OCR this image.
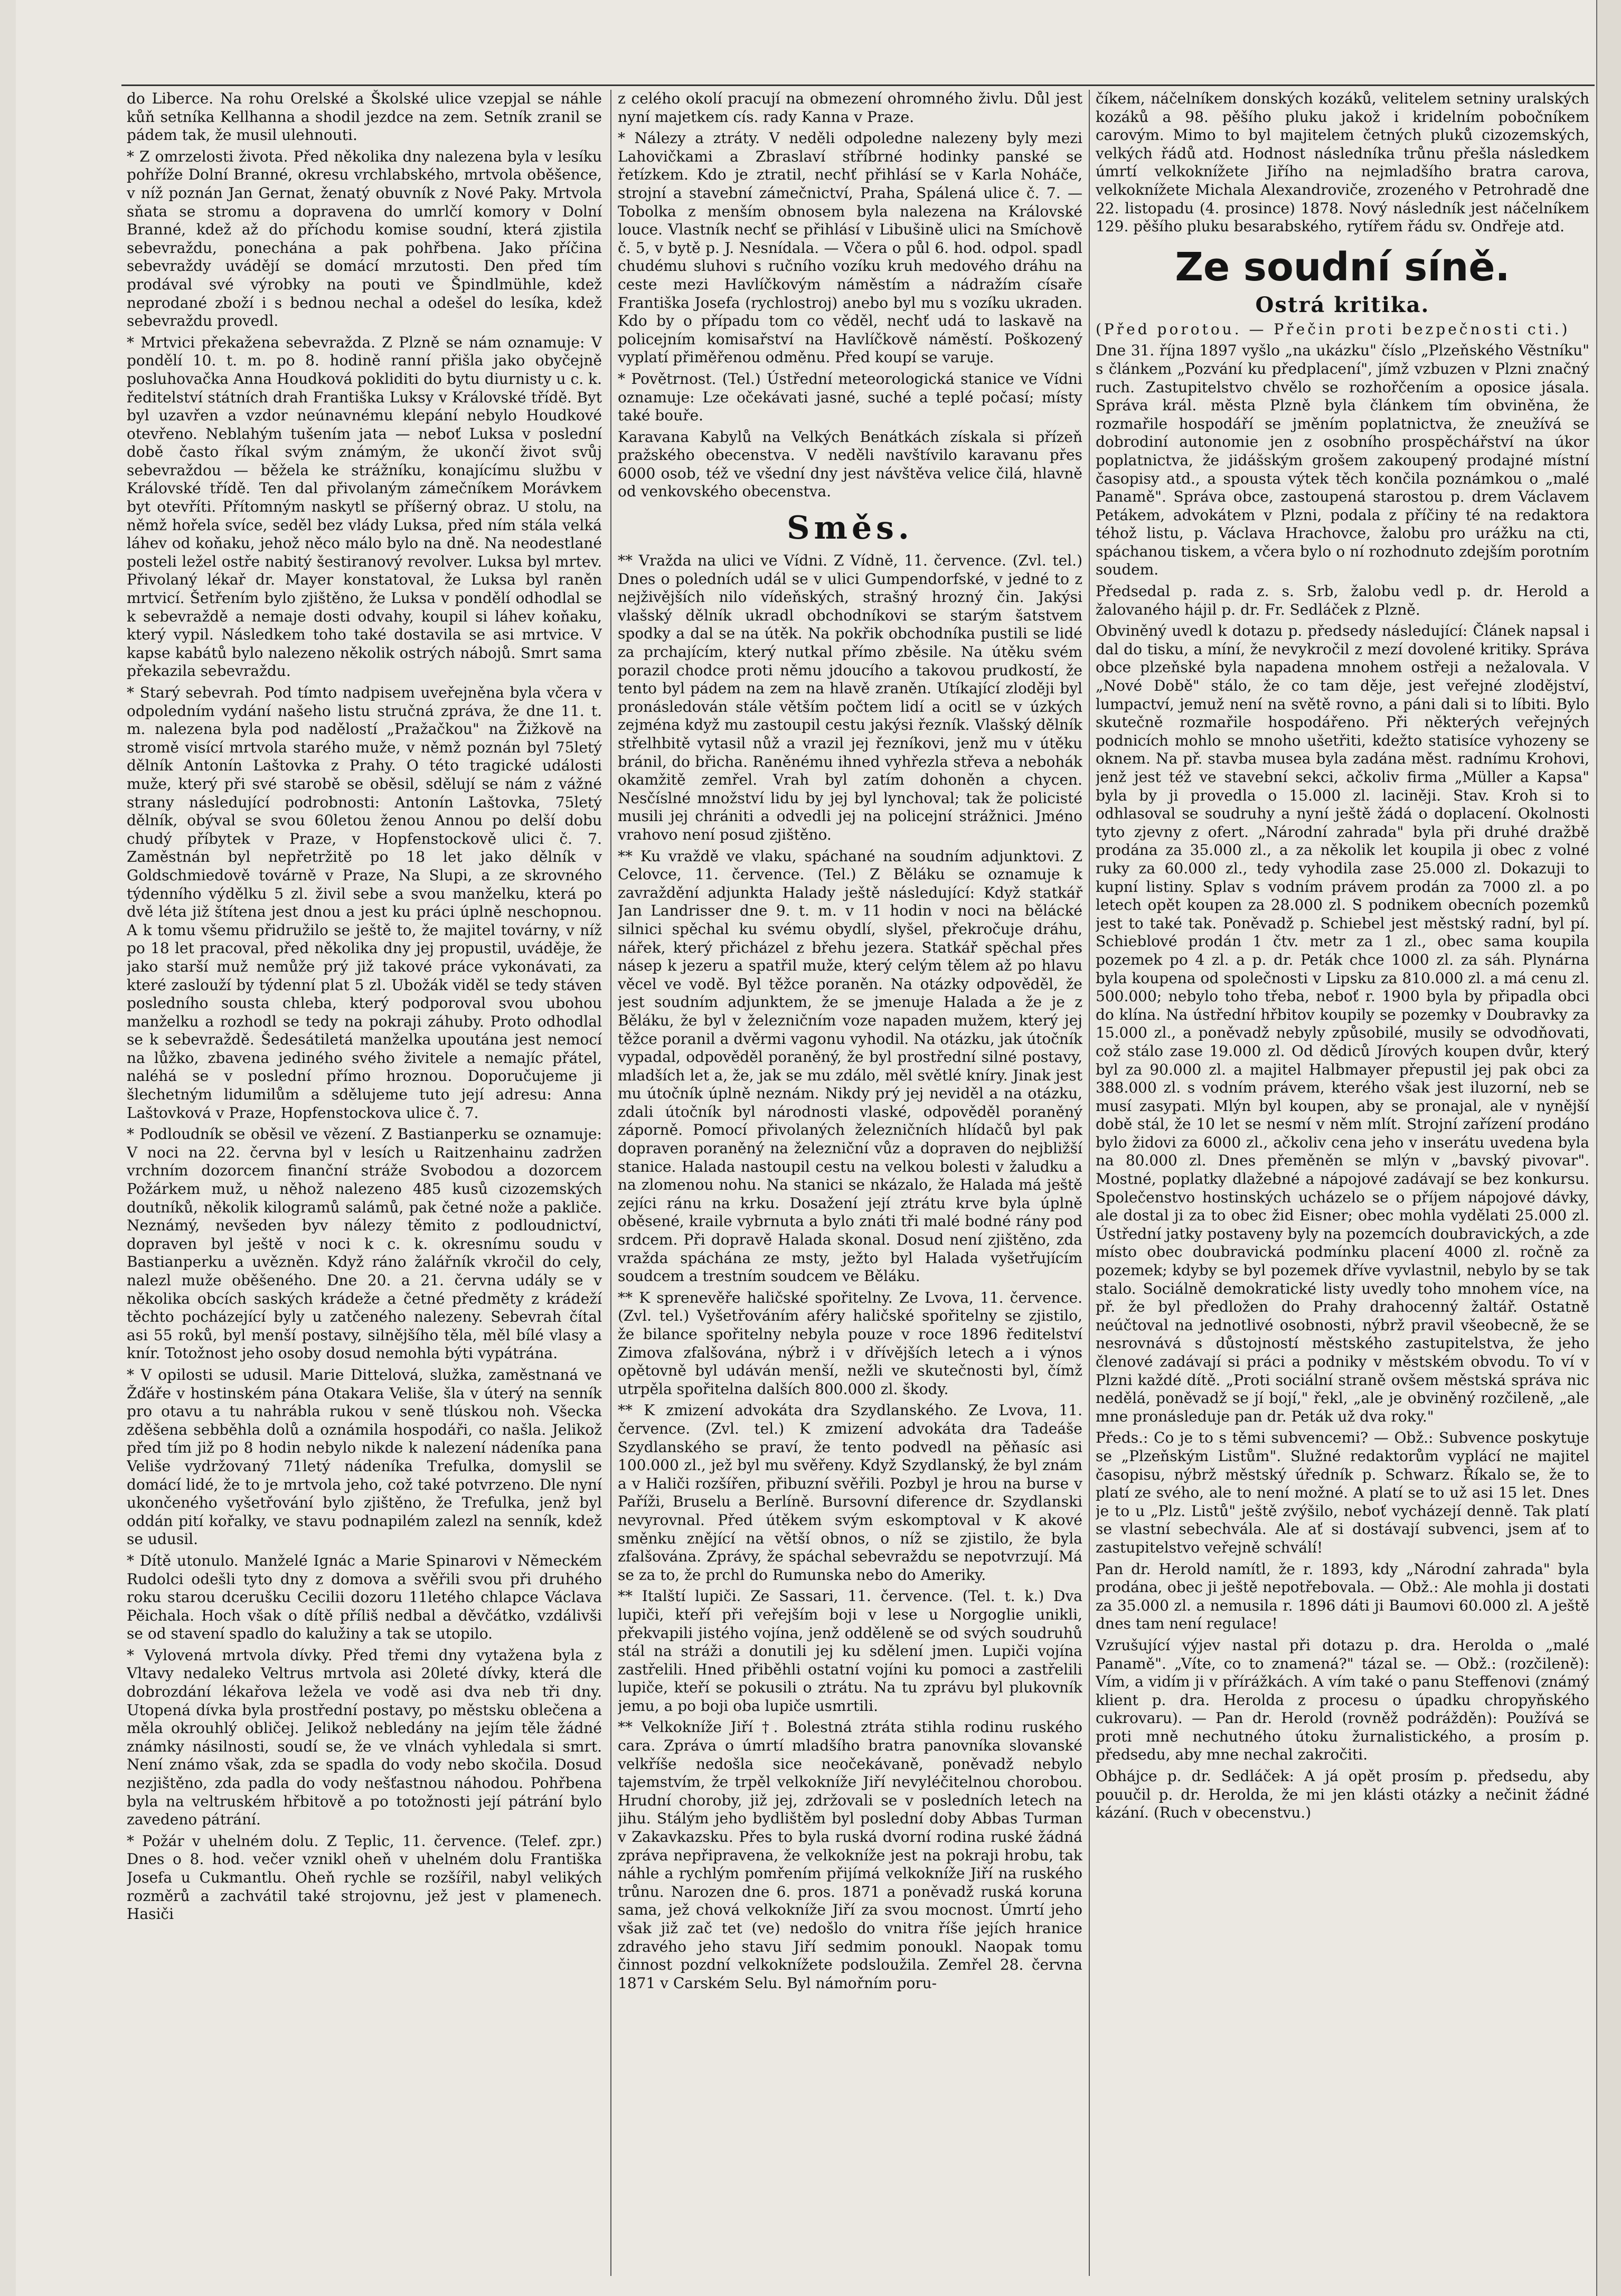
do Liberce. Na rohu Orelské a Školské ulice vzepjal se náhle kůň setníka Kellhanna a shodil jezdce na zem. Setník zranil se pádem tak, že musil ulehnouti.

* Z omrzelosti života. Před několika dny nalezena byla v lesíku pohříže Dolní Branné, okresu vrchlabského, mrtvola oběšence, v níž poznán Jan Gernat, ženatý obuvník z Nové Paky. Mrtvola sňata se stromu a dopravena do umrlčí komory v Dolní Branné, kdež až do příchodu komise soudní, která zjistila sebevraždu, ponechána a pak pohřbena. Jako příčina sebevraždy uvádějí se domácí mrzutosti. Den před tím prodával své výrobky na pouti ve Špindlmühle, kdež neprodané zboží i s bednou nechal a odešel do lesíka, kdež sebevraždu provedl.

* Mrtvici překažena sebevražda. Z Plzně se nám oznamuje: V pondělí 10. t. m. po 8. hodině ranní přišla jako obyčejně posluhovačka Anna Houdková pokliditi do bytu diurnisty u c. k. ředitelství státních drah Františka Luksy v Královské třídě. Byt byl uzavřen a vzdor neúnavnému klepání nebylo Houdkové otevřeno. Neblahým tušením jata — neboť Luksa v poslední době často říkal svým známým, že ukončí život svůj sebevraždou — běžela ke strážníku, konajícímu službu v Královské třídě. Ten dal přivolaným zámečníkem Morávkem byt otevříti. Přítomným naskytl se příšerný obraz. U stolu, na němž hořela svíce, seděl bez vlády Luksa, před ním stála velká láhev od koňaku, jehož něco málo bylo na dně. Na neodestlané posteli ležel ostře nabitý šestiranový revolver. Luksa byl mrtev. Přivolaný lékař dr. Mayer konstatoval, že Luksa byl raněn mrtvicí. Šetřením bylo zjištěno, že Luksa v pondělí odhodlal se k sebevraždě a nemaje dosti odvahy, koupil si láhev koňaku, který vypil. Následkem toho také dostavila se asi mrtvice. V kapse kabátů bylo nalezeno několik ostrých nábojů. Smrt sama překazila sebevraždu.

* Starý sebevrah. Pod tímto nadpisem uveřejněna byla včera v odpoledním vydání našeho listu stručná zpráva, že dne 11. t. m. nalezena byla pod nadělostí „Pražačkou" na Žižkově na stromě visící mrtvola starého muže, v němž poznán byl 75letý dělník Antonín Laštovka z Prahy. O této tragické události muže, který při své starobě se oběsil, sdělují se nám z vážné strany následující podrobnosti: Antonín Laštovka, 75letý dělník, obýval se svou 60letou ženou Annou po delší dobu chudý příbytek v Praze, v Hopfenstockově ulici č. 7. Zaměstnán byl nepřetržitě po 18 let jako dělník v Goldschmiedově továrně v Praze, Na Slupi, a ze skrovného týdenního výdělku 5 zl. živil sebe a svou manželku, která po dvě léta již štítena jest dnou a jest ku práci úplně neschopnou. A k tomu všemu přidružilo se ještě to, že majitel továrny, v níž po 18 let pracoval, před několika dny jej propustil, uváděje, že jako starší muž nemůže prý již takové práce vykonávati, za které zaslouží by týdenní plat 5 zl. Ubožák viděl se tedy stáven posledního sousta chleba, který podporoval svou ubohou manželku a rozhodl se tedy na pokraji záhuby. Proto odhodlal se k sebevraždě. Šedesátiletá manželka upoutána jest nemocí na lůžko, zbavena jediného svého živitele a nemajíc přátel, naléhá se v poslední přímo hroznou. Doporučujeme ji šlechetným lidumilům a sdělujeme tuto její adresu: Anna Laštovková v Praze, Hopfenstockova ulice č. 7.

* Podloudník se oběsil ve vězení. Z Bastianperku se oznamuje: V noci na 22. června byl v lesích u Raitzenhainu zadržen vrchním dozorcem finanční stráže Svobodou a dozorcem Požárkem muž, u něhož nalezeno 485 kusů cizozemských doutníků, několik kilogramů salámů, pak četné nože a pakliče. Neznámý, nevšeden byv nálezy těmito z podloudnictví, dopraven byl ještě v noci k c. k. okresnímu soudu v Bastianperku a uvězněn. Když ráno žalářník vkročil do cely, nalezl muže oběšeného. Dne 20. a 21. června udály se v několika obcích saských krádeže a četné předměty z krádeží těchto pocházející byly u zatčeného nalezeny. Sebevrah čítal asi 55 roků, byl menší postavy, silnějšího těla, měl bílé vlasy a knír. Totožnost jeho osoby dosud nemohla býti vypátrána.

* V opilosti se udusil. Marie Dittelová, služka, zaměstnaná ve Žďáře v hostinském pána Otakara Veliše, šla v úterý na senník pro otavu a tu nahrábla rukou v seně tlúskou noh. Všecka zděšena sebběhla dolů a oznámila hospodáři, co našla. Jelikož před tím již po 8 hodin nebylo nikde k nalezení nádeníka pana Veliše vydržovaný 71letý nádeníka Trefulka, domyslil se domácí lidé, že to je mrtvola jeho, což také potvrzeno. Dle nyní ukončeného vyšetřování bylo zjištěno, že Trefulka, jenž byl oddán pití kořalky, ve stavu podnapilém zalezl na senník, kdež se udusil.

* Dítě utonulo. Manželé Ignác a Marie Spinarovi v Německém Rudolci odešli tyto dny z domova a svěřili svou při druhého roku starou dcerušku Cecilii dozoru 11letého chlapce Václava Pěichala. Hoch však o dítě příliš nedbal a děvčátko, vzdálivši se od stavení spadlo do kalužiny a tak se utopilo.

* Vylovená mrtvola dívky. Před třemi dny vytažena byla z Vltavy nedaleko Veltrus mrtvola asi 20leté dívky, která dle dobrozdání lékařova ležela ve vodě asi dva neb tři dny. Utopená dívka byla prostřední postavy, po městsku oblečena a měla okrouhlý obličej. Jelikož nebledány na jejím těle žádné známky násilnosti, soudí se, že ve vlnách vyhledala si smrt. Není známo však, zda se spadla do vody nebo skočila. Dosud nezjištěno, zda padla do vody nešťastnou náhodou. Pohřbena byla na veltruském hřbitově a po totožnosti její pátrání bylo zavedeno pátrání.

* Požár v uhelném dolu. Z Teplic, 11. července. (Telef. zpr.) Dnes o 8. hod. večer vznikl oheň v uhelném dolu Františka Josefa u Cukmantlu. Oheň rychle se rozšířil, nabyl velikých rozměrů a zachvátil také strojovnu, jež jest v plamenech. Hasiči

z celého okolí pracují na obmezení ohromného živlu. Důl jest nyní majetkem cís. rady Kanna v Praze.

* Nálezy a ztráty. V neděli odpoledne nalezeny byly mezi Lahovičkami a Zbraslaví stříbrné hodinky panské se řetízkem. Kdo je ztratil, nechť přihlásí se v Karla Noháče, strojní a stavební zámečnictví, Praha, Spálená ulice č. 7. — Tobolka z menším obnosem byla nalezena na Královské louce. Vlastník nechť se přihlásí v Libušině ulici na Smíchově č. 5, v bytě p. J. Nesnídala. — Včera o půl 6. hod. odpol. spadl chudému sluhovi s ručního vozíku kruh medového dráhu na ceste mezi Havlíčkovým náměstím a nádražím císaře Františka Josefa (rychlostroj) anebo byl mu s vozíku ukraden. Kdo by o případu tom co věděl, nechť udá to laskavě na policejním komisařství na Havlíčkově náměstí. Poškozený vyplatí přiměřenou odměnu. Před koupí se varuje.

* Povětrnost. (Tel.) Ústřední meteorologická stanice ve Vídni oznamuje: Lze očekávati jasné, suché a teplé počasí; místy také bouře.

Karavana Kabylů na Velkých Benátkách získala si přízeň pražského obecenstva. V neděli navštívilo karavanu přes 6000 osob, též ve všední dny jest návštěva velice čilá, hlavně od venkovského obecenstva.

Směs.

** Vražda na ulici ve Vídni. Z Vídně, 11. července. (Zvl. tel.) Dnes o poledních udál se v ulici Gumpendorfské, v jedné to z nejživějších nilo vídeňských, strašný hrozný čin. Jakýsi vlašský dělník ukradl obchodníkovi se starým šatstvem spodky a dal se na útěk. Na pokřik obchodníka pustili se lidé za prchajícím, který nutkal přímo zběsile. Na útěku svém porazil chodce proti němu jdoucího a takovou prudkostí, že tento byl pádem na zem na hlavě zraněn. Utíkající zloději byl pronásledován stále větším počtem lidí a ocitl se v úzkých zejména když mu zastoupil cestu jakýsi řezník. Vlašský dělník střelhbitě vytasil nůž a vrazil jej řezníkovi, jenž mu v útěku bránil, do břicha. Raněnému ihned vyhřezla střeva a nebohák okamžitě zemřel. Vrah byl zatím dohoněn a chycen. Nesčíslné množství lidu by jej byl lynchoval; tak že policisté musili jej chrániti a odvedli jej na policejní strážnici. Jméno vrahovo není posud zjištěno.

** Ku vraždě ve vlaku, spáchané na soudním adjunktovi. Z Celovce, 11. července. (Tel.) Z Běláku se oznamuje k zavraždění adjunkta Halady ještě následující: Když statkář Jan Landrisser dne 9. t. m. v 11 hodin v noci na bělácké silnici spěchal ku svému obydlí, slyšel, překročuje dráhu, nářek, který přicházel z břehu jezera. Statkář spěchal přes násep k jezeru a spatřil muže, který celým tělem až po hlavu věcel ve vodě. Byl těžce poraněn. Na otázky odpověděl, že jest soudním adjunktem, že se jmenuje Halada a že je z Běláku, že byl v železničním voze napaden mužem, který jej těžce poranil a dvěrmi vagonu vyhodil. Na otázku, jak útočník vypadal, odpověděl poraněný, že byl prostřední silné postavy, mladších let a, že, jak se mu zdálo, měl světlé kníry. Jinak jest mu útočník úplně neznám. Nikdy prý jej neviděl a na otázku, zdali útočník byl národnosti vlaské, odpověděl poraněný záporně. Pomocí přivolaných železničních hlídačů byl pak dopraven poraněný na železniční vůz a dopraven do nejbližší stanice. Halada nastoupil cestu na velkou bolesti v žaludku a na zlomenou nohu. Na stanici se nkázalo, že Halada má ještě zejíci ránu na krku. Dosažení její ztrátu krve byla úplně oběsené, kraile vybrnuta a bylo znáti tři malé bodné rány pod srdcem. Při dopravě Halada skonal. Dosud není zjištěno, zda vražda spáchána ze msty, ježto byl Halada vyšetřujícím soudcem a trestním soudcem ve Běláku.

** K sprenevěře haličské spořitelny. Ze Lvova, 11. července. (Zvl. tel.) Vyšetřováním aféry haličské spořitelny se zjistilo, že bilance spořitelny nebyla pouze v roce 1896 ředitelství Zimova zfalšována, nýbrž i v dřívějších letech a i výnos opětovně byl udáván menší, nežli ve skutečnosti byl, čímž utrpěla spořitelna dalších 800.000 zl. škody.

** K zmizení advokáta dra Szydlanského. Ze Lvova, 11. července. (Zvl. tel.) K zmizení advokáta dra Tadeáše Szydlanského se praví, že tento podvedl na pěňasíc asi 100.000 zl., jež byl mu svěřeny. Když Szydlanský, že byl znám a v Haliči rozšířen, přibuzní svěřili. Pozbyl je hrou na burse v Paříži, Bruselu a Berlíně. Bursovní diference dr. Szydlanski nevyrovnal. Před útěkem svým eskomptoval v K akové směnku znějící na větší obnos, o níž se zjistilo, že byla zfalšována. Zprávy, že spáchal sebevraždu se nepotvrzují. Má se za to, že prchl do Rumunska nebo do Ameriky.

** Italští lupiči. Ze Sassari, 11. července. (Tel. t. k.) Dva lupiči, kteří při veřejším boji v lese u Norgoglie unikli, překvapili jistého vojína, jenž odděleně se od svých soudruhů stál na stráži a donutili jej ku sdělení jmen. Lupiči vojína zastřelili. Hned přiběhli ostatní vojíni ku pomoci a zastřelili lupiče, kteří se pokusili o ztrátu. Na tu zprávu byl plukovník jemu, a po boji oba lupiče usmrtili.

** Velkokníže Jiří †. Bolestná ztráta stihla rodinu ruského cara. Zpráva o úmrtí mladšího bratra panovníka slovanské velkříše nedošla sice neočekávaně, poněvadž nebylo tajemstvím, že trpěl velkokníže Jiří nevyléčitelnou chorobou. Hrudní choroby, již jej, zdržovali se v posledních letech na jihu. Stálým jeho bydlištěm byl poslední doby Abbas Turman v Zakavkazsku. Přes to byla ruská dvorní rodina ruské žádná zpráva nepřipravena, že velkokníže jest na pokraji hrobu, tak náhle a rychlým pomřením přijímá velkokníže Jiří na ruského trůnu. Narozen dne 6. pros. 1871 a poněvadž ruská koruna sama, jež chová velkokníže Jiří za svou mocnost. Úmrtí jeho však již zač tet (ve) nedošlo do vnitra říše jejích hranice zdravého jeho stavu Jiří sedmim ponoukl. Naopak tomu činnost pozdní velkoknížete podsloužila. Zemřel 28. června 1871 v Carském Selu. Byl námořním poru-

číkem, náčelníkem donských kozáků, velitelem setniny uralských kozáků a 98. pěšího pluku jakož i kridelním pobočníkem carovým. Mimo to byl majitelem četných pluků cizozemských, velkých řádů atd. Hodnost následníka trůnu přešla následkem úmrtí velkoknížete Jiřího na nejmladšího bratra carova, velkoknížete Michala Alexandroviče, zrozeného v Petrohradě dne 22. listopadu (4. prosince) 1878. Nový následník jest náčelníkem 129. pěšího pluku besarabského, rytířem řádu sv. Ondřeje atd.

Ze soudní síně.
Ostrá kritika.

(Před porotou. — Přečin proti bezpečnosti cti.)

Dne 31. října 1897 vyšlo „na ukázku" číslo „Plzeňského Věstníku" s článkem „Pozvání ku předplacení", jímž vzbuzen v Plzni značný ruch. Zastupitelstvo chvělo se rozhořčením a oposice jásala. Správa král. města Plzně byla článkem tím obviněna, že rozmařile hospodáří se jměním poplatnictva, že zneužívá se dobrodiní autonomie jen z osobního prospěchářství na úkor poplatnictva, že jidášským grošem zakoupený prodajné místní časopisy atd., a spousta výtek těch končila poznámkou o „malé Panamě". Správa obce, zastoupená starostou p. drem Václavem Petákem, advokátem v Plzni, podala z příčiny té na redaktora téhož listu, p. Václava Hrachovce, žalobu pro urážku na cti, spáchanou tiskem, a včera bylo o ní rozhodnuto zdejším porotním soudem.

Předsedal p. rada z. s. Srb, žalobu vedl p. dr. Herold a žalovaného hájil p. dr. Fr. Sedláček z Plzně.

Obviněný uvedl k dotazu p. předsedy následující: Článek napsal i dal do tisku, a míní, že nevykročil z mezí dovolené kritiky. Správa obce plzeňské byla napadena mnohem ostřeji a nežalovala. V „Nové Době" stálo, že co tam děje, jest veřejné zlodějství, lumpactví, jemuž není na světě rovno, a páni dali si to líbiti. Bylo skutečně rozmařile hospodářeno. Při některých veřejných podnicích mohlo se mnoho ušetřiti, kdežto statisíce vyhozeny se oknem. Na př. stavba musea byla zadána měst. radnímu Krohovi, jenž jest též ve stavební sekci, ačkoliv firma „Müller a Kapsa" byla by ji provedla o 15.000 zl. laciněji. Stav. Kroh si to odhlasoval se soudruhy a nyní ještě žádá o doplacení. Okolnosti tyto zjevny z ofert. „Národní zahrada" byla při druhé dražbě prodána za 35.000 zl., a za několik let koupila ji obec z volné ruky za 60.000 zl., tedy vyhodila zase 25.000 zl. Dokazuji to kupní listiny. Splav s vodním právem prodán za 7000 zl. a po letech opět koupen za 28.000 zl. S podnikem obecních pozemků jest to také tak. Poněvadž p. Schiebel jest městský radní, byl pí. Schieblové prodán 1 čtv. metr za 1 zl., obec sama koupila pozemek po 4 zl. a p. dr. Peták chce 1000 zl. za sáh. Plynárna byla koupena od společnosti v Lipsku za 810.000 zl. a má cenu zl. 500.000; nebylo toho třeba, neboť r. 1900 byla by připadla obci do klína. Na ústřední hřbitov koupily se pozemky v Doubravky za 15.000 zl., a poněvadž nebyly způsobilé, musily se odvodňovati, což stálo zase 19.000 zl. Od dědiců Jírových koupen dvůr, který byl za 90.000 zl. a majitel Halbmayer přepustil jej pak obci za 388.000 zl. s vodním právem, kterého však jest iluzorní, neb se musí zasypati. Mlýn byl koupen, aby se pronajal, ale v nynější době stál, že 10 let se nesmí v něm mlít. Strojní zařízení prodáno bylo židovi za 6000 zl., ačkoliv cena jeho v inserátu uvedena byla na 80.000 zl. Dnes přeměněn se mlýn v „bavský pivovar". Mostné, poplatky dlažebné a nápojové zadávají se bez konkursu. Společenstvo hostinských ucházelo se o příjem nápojové dávky, ale dostal ji za to obec žid Eisner; obec mohla vydělati 25.000 zl. Ústřední jatky postaveny byly na pozemcích doubravických, a zde místo obec doubravická podmínku placení 4000 zl. ročně za pozemek; kdyby se byl pozemek dříve vyvlastnil, nebylo by se tak stalo. Sociálně demokratické listy uvedly toho mnohem více, na př. že byl předložen do Prahy drahocenný žaltář. Ostatně neúčtoval na jednotlivé osobnosti, nýbrž pravil všeobecně, že se nesrovnává s důstojností městského zastupitelstva, že jeho členové zadávají si práci a podniky v městském obvodu. To ví v Plzni každé dítě. „Proti sociální straně ovšem městská správa nic nedělá, poněvadž se jí bojí," řekl, „ale je obviněný rozčileně, „ale mne pronásleduje pan dr. Peták už dva roky."

Předs.: Co je to s těmi subvencemi? — Obž.: Subvence poskytuje se „Plzeňským Listům". Služné redaktorům vyplácí ne majitel časopisu, nýbrž městský úředník p. Schwarz. Říkalo se, že to platí ze svého, ale to není možné. A platí se to už asi 15 let. Dnes je to u „Plz. Listů" ještě zvýšilo, neboť vycházejí denně. Tak platí se vlastní sebechvála. Ale ať si dostávají subvenci, jsem ať to zastupitelstvo veřejně schválí!

Pan dr. Herold namítl, že r. 1893, kdy „Národní zahrada" byla prodána, obec ji ještě nepotřebovala. — Obž.: Ale mohla ji dostati za 35.000 zl. a nemusila r. 1896 dáti ji Baumovi 60.000 zl. A ještě dnes tam není regulace!

Vzrušující výjev nastal při dotazu p. dra. Herolda o „malé Panamě". „Víte, co to znamená?" tázal se. — Obž.: (rozčileně): Vím, a vidím ji v přírážkách. A vím také o panu Steffenovi (známý klient p. dra. Herolda z procesu o úpadku chropyňského cukrovaru). — Pan dr. Herold (rovněž podrážděn): Používá se proti mně nechutného útoku žurnalistického, a prosím p. předsedu, aby mne nechal zakročiti.

Obhájce p. dr. Sedláček: A já opět prosím p. předsedu, aby pouučil p. dr. Herolda, že mi jen klásti otázky a nečinit žádné kázání. (Ruch v obecenstvu.)
